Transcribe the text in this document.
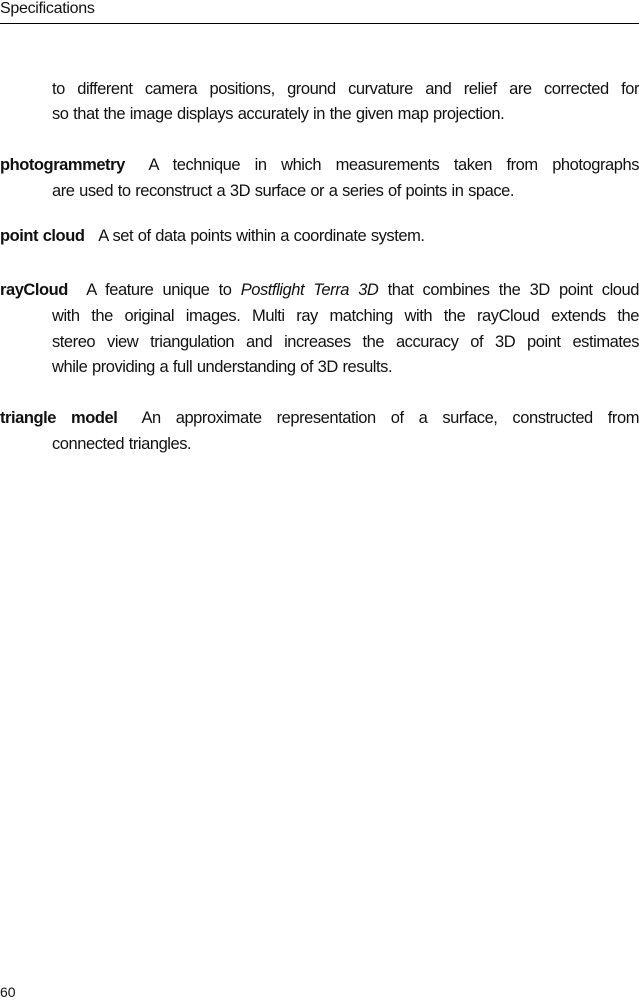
Specifications
to different camera positions, ground curvature and relief are corrected for
so that the image displays accurately in the given map projection.
photogrammetry A technique in which measurements taken from photographs
are used to reconstruct a 3D surface or a series of points in space.
point cloud A set of data points within a coordinate system.
rayCloud A feature unique to Postflight Terra 3D that combines the 3D point cloud
with the original images. Multi ray matching with the rayCloud extends the
stereo view triangulation and increases the accuracy of 3D point estimates
while providing a full understanding of 3D results.
triangle model An approximate representation of a surface, constructed from
connected triangles.
60
